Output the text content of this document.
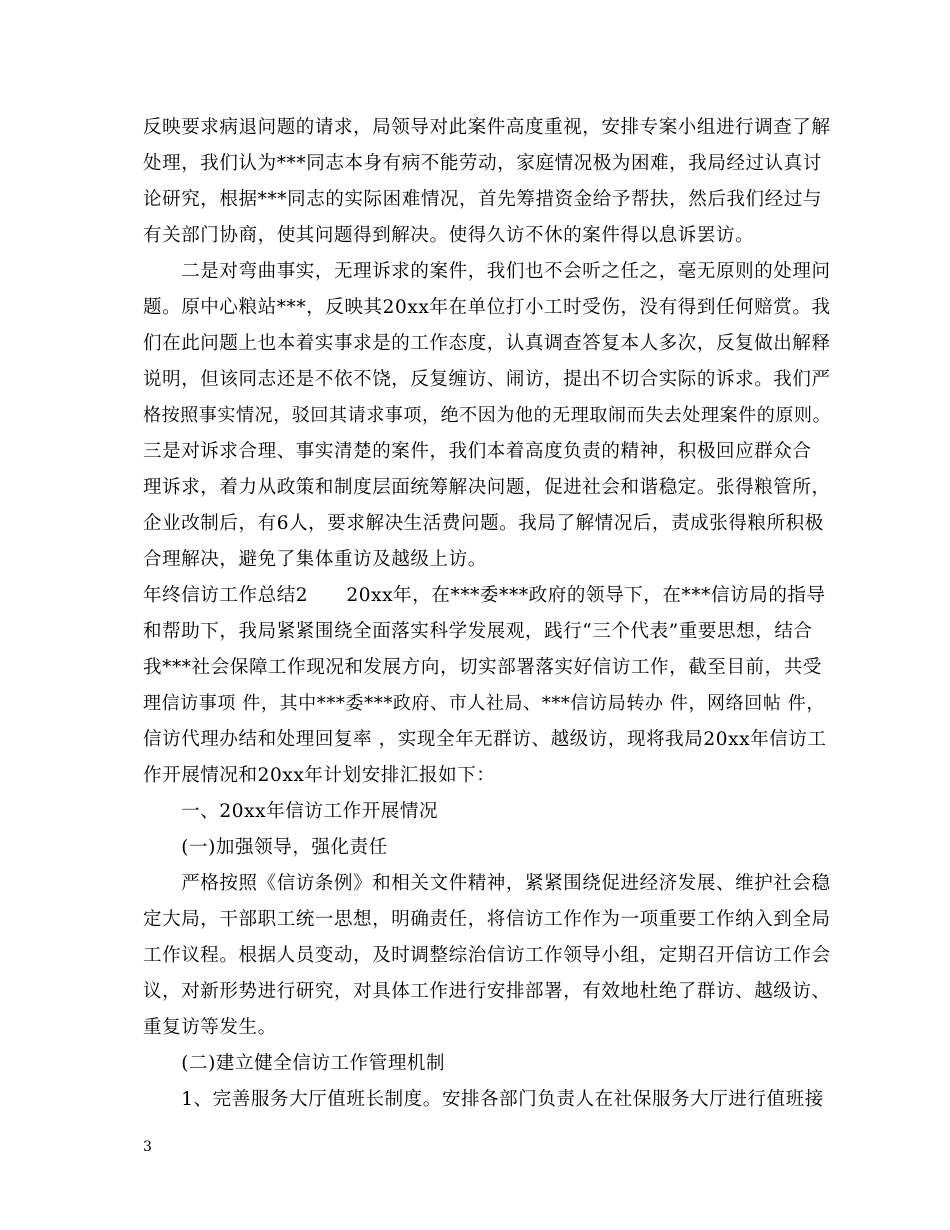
反映要求病退问题的请求，局领导对此案件高度重视，安排专案小组进行调查了解
处理，我们认为***同志本身有病不能劳动，家庭情况极为困难，我局经过认真讨
论研究，根据***同志的实际困难情况，首先筹措资金给予帮扶，然后我们经过与
有关部门协商，使其问题得到解决。使得久访不休的案件得以息诉罢访。
　　二是对弯曲事实，无理诉求的案件，我们也不会听之任之，毫无原则的处理问
题。原中心粮站***，反映其20xx年在单位打小工时受伤，没有得到任何赔赏。我
们在此问题上也本着实事求是的工作态度，认真调查答复本人多次，反复做出解释
说明，但该同志还是不依不饶，反复缠访、闹访，提出不切合实际的诉求。我们严
格按照事实情况，驳回其请求事项，绝不因为他的无理取闹而失去处理案件的原则。
三是对诉求合理、事实清楚的案件，我们本着高度负责的精神，积极回应群众合
理诉求，着力从政策和制度层面统筹解决问题，促进社会和谐稳定。张得粮管所，
企业改制后，有6人，要求解决生活费问题。我局了解情况后，责成张得粮所积极
合理解决，避免了集体重访及越级上访。
年终信访工作总结2　　20xx年，在***委***政府的领导下，在***信访局的指导
和帮助下，我局紧紧围绕全面落实科学发展观，践行“三个代表”重要思想，结合
我***社会保障工作现况和发展方向，切实部署落实好信访工作，截至目前，共受
理信访事项 件，其中***委***政府、市人社局、***信访局转办 件，网络回帖 件，
信访代理办结和处理回复率 ，实现全年无群访、越级访，现将我局20xx年信访工
作开展情况和20xx年计划安排汇报如下：
　　一、20xx年信访工作开展情况
　　(一)加强领导，强化责任
　　严格按照《信访条例》和相关文件精神，紧紧围绕促进经济发展、维护社会稳
定大局，干部职工统一思想，明确责任，将信访工作作为一项重要工作纳入到全局
工作议程。根据人员变动，及时调整综治信访工作领导小组，定期召开信访工作会
议，对新形势进行研究，对具体工作进行安排部署，有效地杜绝了群访、越级访、
重复访等发生。
　　(二)建立健全信访工作管理机制
　　1、完善服务大厅值班长制度。安排各部门负责人在社保服务大厅进行值班接
3
